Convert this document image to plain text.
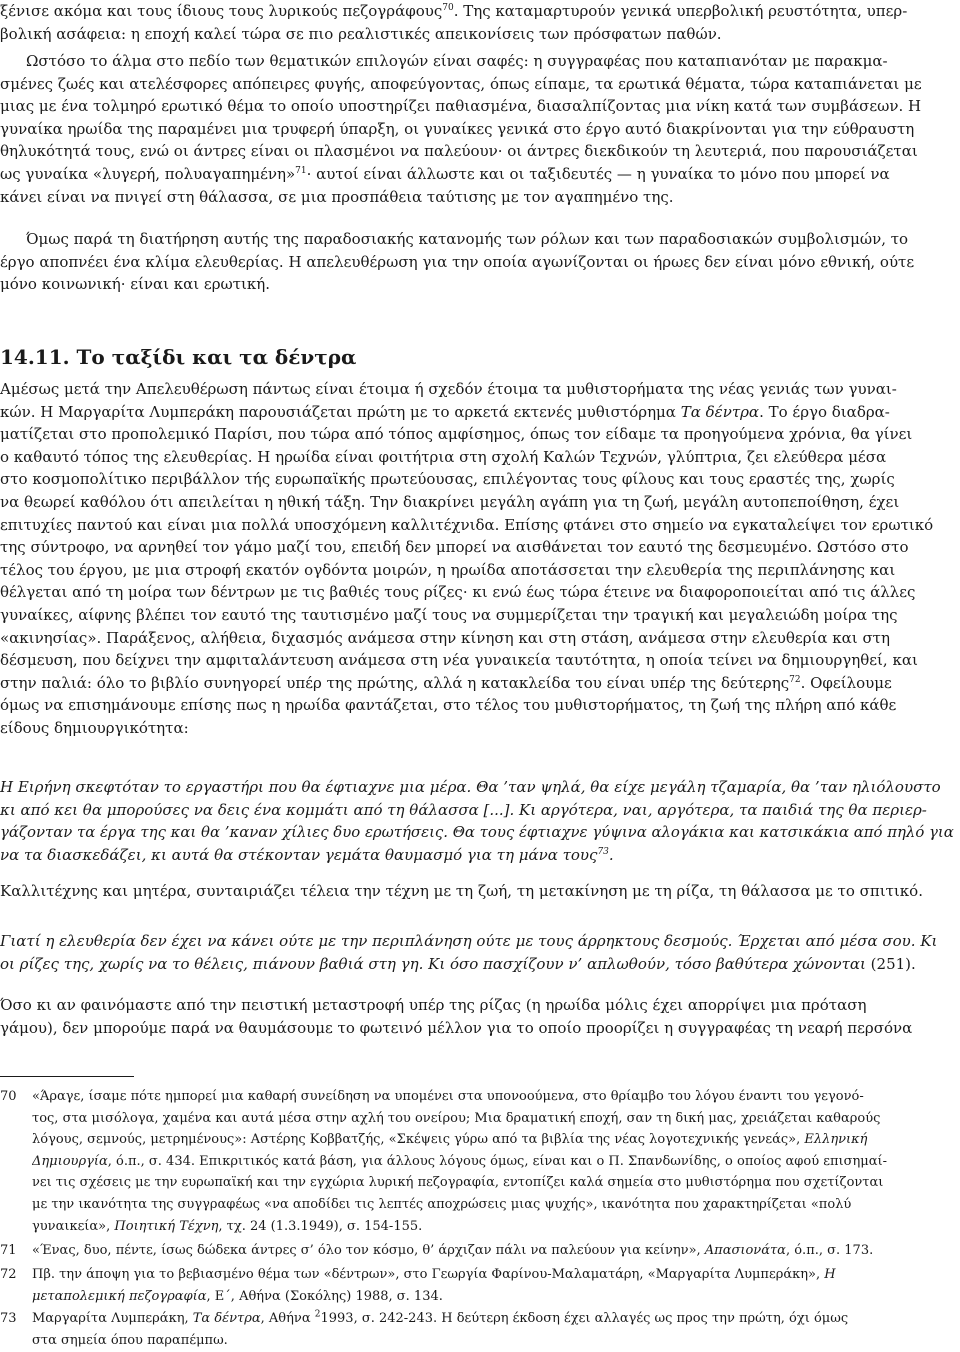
ξένισε ακόμα και τους ίδιους τους λυρικούς πεζογράφους$^{70}$. Της καταμαρτυρούν γενικά υπερβολική ρευστότητα, υπερ-
βολική ασάφεια: η εποχή καλεί τώρα σε πιο ρεαλιστικές απεικονίσεις των πρόσφατων παθών.
Ωστόσο το άλμα στο πεδίο των θεματικών επιλογών είναι σαφές: η συγγραφέας που καταπιανόταν με παρακμα-
σμένες ζωές και ατελέσφορες απόπειρες φυγής, αποφεύγοντας, όπως είπαμε, τα ερωτικά θέματα, τώρα καταπιάνεται με
μιας με ένα τολμηρό ερωτικό θέμα το οποίο υποστηρίζει παθιασμένα, διασαλπίζοντας μια νίκη κατά των συμβάσεων. Η
γυναίκα ηρωίδα της παραμένει μια τρυφερή ύπαρξη, οι γυναίκες γενικά στο έργο αυτό διακρίνονται για την εύθραυστη
θηλυκότητά τους, ενώ οι άντρες είναι οι πλασμένοι να παλεύουν· οι άντρες διεκδικούν τη λευτεριά, που παρουσιάζεται
ως γυναίκα «λυγερή, πολυαγαπημένη»$^{71}$· αυτοί είναι άλλωστε και οι ταξιδευτές — η γυναίκα το μόνο που μπορεί να
κάνει είναι να πνιγεί στη θάλασσα, σε μια προσπάθεια ταύτισης με τον αγαπημένο της.
Όμως παρά τη διατήρηση αυτής της παραδοσιακής κατανομής των ρόλων και των παραδοσιακών συμβολισμών, το
έργο αποπνέει ένα κλίμα ελευθερίας. Η απελευθέρωση για την οποία αγωνίζονται οι ήρωες δεν είναι μόνο εθνική, ούτε
μόνο κοινωνική· είναι και ερωτική.
14.11. Το ταξίδι και τα δέντρα
Αμέσως μετά την Απελευθέρωση πάντως είναι έτοιμα ή σχεδόν έτοιμα τα μυθιστορήματα της νέας γενιάς των γυναι-
κών. Η Μαργαρίτα Λυμπεράκη παρουσιάζεται πρώτη με το αρκετά εκτενές μυθιστόρημα Τα δέντρα. Το έργο διαδρα-
ματίζεται στο προπολεμικό Παρίσι, που τώρα από τόπος αμφίσημος, όπως τον είδαμε τα προηγούμενα χρόνια, θα γίνει
ο καθαυτό τόπος της ελευθερίας. Η ηρωίδα είναι φοιτήτρια στη σχολή Καλών Τεχνών, γλύπτρια, ζει ελεύθερα μέσα
στο κοσμοπολίτικο περιβάλλον τής ευρωπαϊκής πρωτεύουσας, επιλέγοντας τους φίλους και τους εραστές της, χωρίς
να θεωρεί καθόλου ότι απειλείται η ηθική τάξη. Την διακρίνει μεγάλη αγάπη για τη ζωή, μεγάλη αυτοπεποίθηση, έχει
επιτυχίες παντού και είναι μια πολλά υποσχόμενη καλλιτέχνιδα. Επίσης φτάνει στο σημείο να εγκαταλείψει τον ερωτικό
της σύντροφο, να αρνηθεί τον γάμο μαζί του, επειδή δεν μπορεί να αισθάνεται τον εαυτό της δεσμευμένο. Ωστόσο στο
τέλος του έργου, με μια στροφή εκατόν ογδόντα μοιρών, η ηρωίδα αποτάσσεται την ελευθερία της περιπλάνησης και
θέλγεται από τη μοίρα των δέντρων με τις βαθιές τους ρίζες· κι ενώ έως τώρα έτεινε να διαφοροποιείται από τις άλλες
γυναίκες, αίφνης βλέπει τον εαυτό της ταυτισμένο μαζί τους να συμμερίζεται την τραγική και μεγαλειώδη μοίρα της
«ακινησίας». Παράξενος, αλήθεια, διχασμός ανάμεσα στην κίνηση και στη στάση, ανάμεσα στην ελευθερία και στη
δέσμευση, που δείχνει την αμφιταλάντευση ανάμεσα στη νέα γυναικεία ταυτότητα, η οποία τείνει να δημιουργηθεί, και
στην παλιά: όλο το βιβλίο συνηγορεί υπέρ της πρώτης, αλλά η κατακλείδα του είναι υπέρ της δεύτερης$^{72}$. Οφείλουμε
όμως να επισημάνουμε επίσης πως η ηρωίδα φαντάζεται, στο τέλος του μυθιστορήματος, τη ζωή της πλήρη από κάθε
είδους δημιουργικότητα:
Η Ειρήνη σκεφτόταν το εργαστήρι που θα έφτιαχνε μια μέρα. Θα ’ταν ψηλά, θα είχε μεγάλη τζαμαρία, θα ’ταν ηλιόλουστο
κι από κει θα μπορούσες να δεις ένα κομμάτι από τη θάλασσα [...]. Κι αργότερα, ναι, αργότερα, τα παιδιά της θα περιερ-
γάζονταν τα έργα της και θα ’καναν χίλιες δυο ερωτήσεις. Θα τους έφτιαχνε γύψινα αλογάκια και κατσικάκια από πηλό για
να τα διασκεδάζει, κι αυτά θα στέκονταν γεμάτα θαυμασμό για τη μάνα τους$^{73}$.
Καλλιτέχνης και μητέρα, συνταιριάζει τέλεια την τέχνη με τη ζωή, τη μετακίνηση με τη ρίζα, τη θάλασσα με το σπιτικό.
Γιατί η ελευθερία δεν έχει να κάνει ούτε με την περιπλάνηση ούτε με τους άρρηκτους δεσμούς. Έρχεται από μέσα σου. Κι
οι ρίζες της, χωρίς να το θέλεις, πιάνουν βαθιά στη γη. Κι όσο πασχίζουν ν’ απλωθούν, τόσο βαθύτερα χώνονται (251).
Όσο κι αν φαινόμαστε από την πειστική μεταστροφή υπέρ της ρίζας (η ηρωίδα μόλις έχει απορρίψει μια πρόταση
γάμου), δεν μπορούμε παρά να θαυμάσουμε το φωτεινό μέλλον για το οποίο προορίζει η συγγραφέας τη νεαρή περσόνα
70	«Άραγε, ίσαμε πότε ημπορεί μια καθαρή συνείδηση να υπομένει στα υπονοούμενα, στο θρίαμβο του λόγου έναντι του γεγονό-
τος, στα μισόλογα, χαμένα και αυτά μέσα στην αχλή του ονείρου; Μια δραματική εποχή, σαν τη δική μας, χρειάζεται καθαρούς
λόγους, σεμνούς, μετρημένους»: Αστέρης Κοββατζής, «Σκέψεις γύρω από τα βιβλία της νέας λογοτεχνικής γενεάς», Ελληνική
Δημιουργία, ό.π., σ. 434. Επικριτικός κατά βάση, για άλλους λόγους όμως, είναι και ο Π. Σπανδωνίδης, ο οποίος αφού επισημαί-
νει τις σχέσεις με την ευρωπαϊκή και την εγχώρια λυρική πεζογραφία, εντοπίζει καλά σημεία στο μυθιστόρημα που σχετίζονται
με την ικανότητα της συγγραφέως «να αποδίδει τις λεπτές αποχρώσεις μιας ψυχής», ικανότητα που χαρακτηρίζεται «πολύ
γυναικεία», Ποιητική Τέχνη, τχ. 24 (1.3.1949), σ. 154-155.
71	«Ένας, δυο, πέντε, ίσως δώδεκα άντρες σ’ όλο τον κόσμο, θ’ άρχιζαν πάλι να παλεύουν για κείνην», Απασιονάτα, ό.π., σ. 173.
72	Πβ. την άποψη για το βεβιασμένο θέμα των «δέντρων», στο Γεωργία Φαρίνου-Μαλαματάρη, «Μαργαρίτα Λυμπεράκη», Η
μεταπολεμική πεζογραφία, Ε΄, Αθήνα (Σοκόλης) 1988, σ. 134.
73	Μαργαρίτα Λυμπεράκη, Τα δέντρα, Αθήνα $^2$1993, σ. 242-243. Η δεύτερη έκδοση έχει αλλαγές ως προς την πρώτη, όχι όμως
στα σημεία όπου παραπέμπω.
